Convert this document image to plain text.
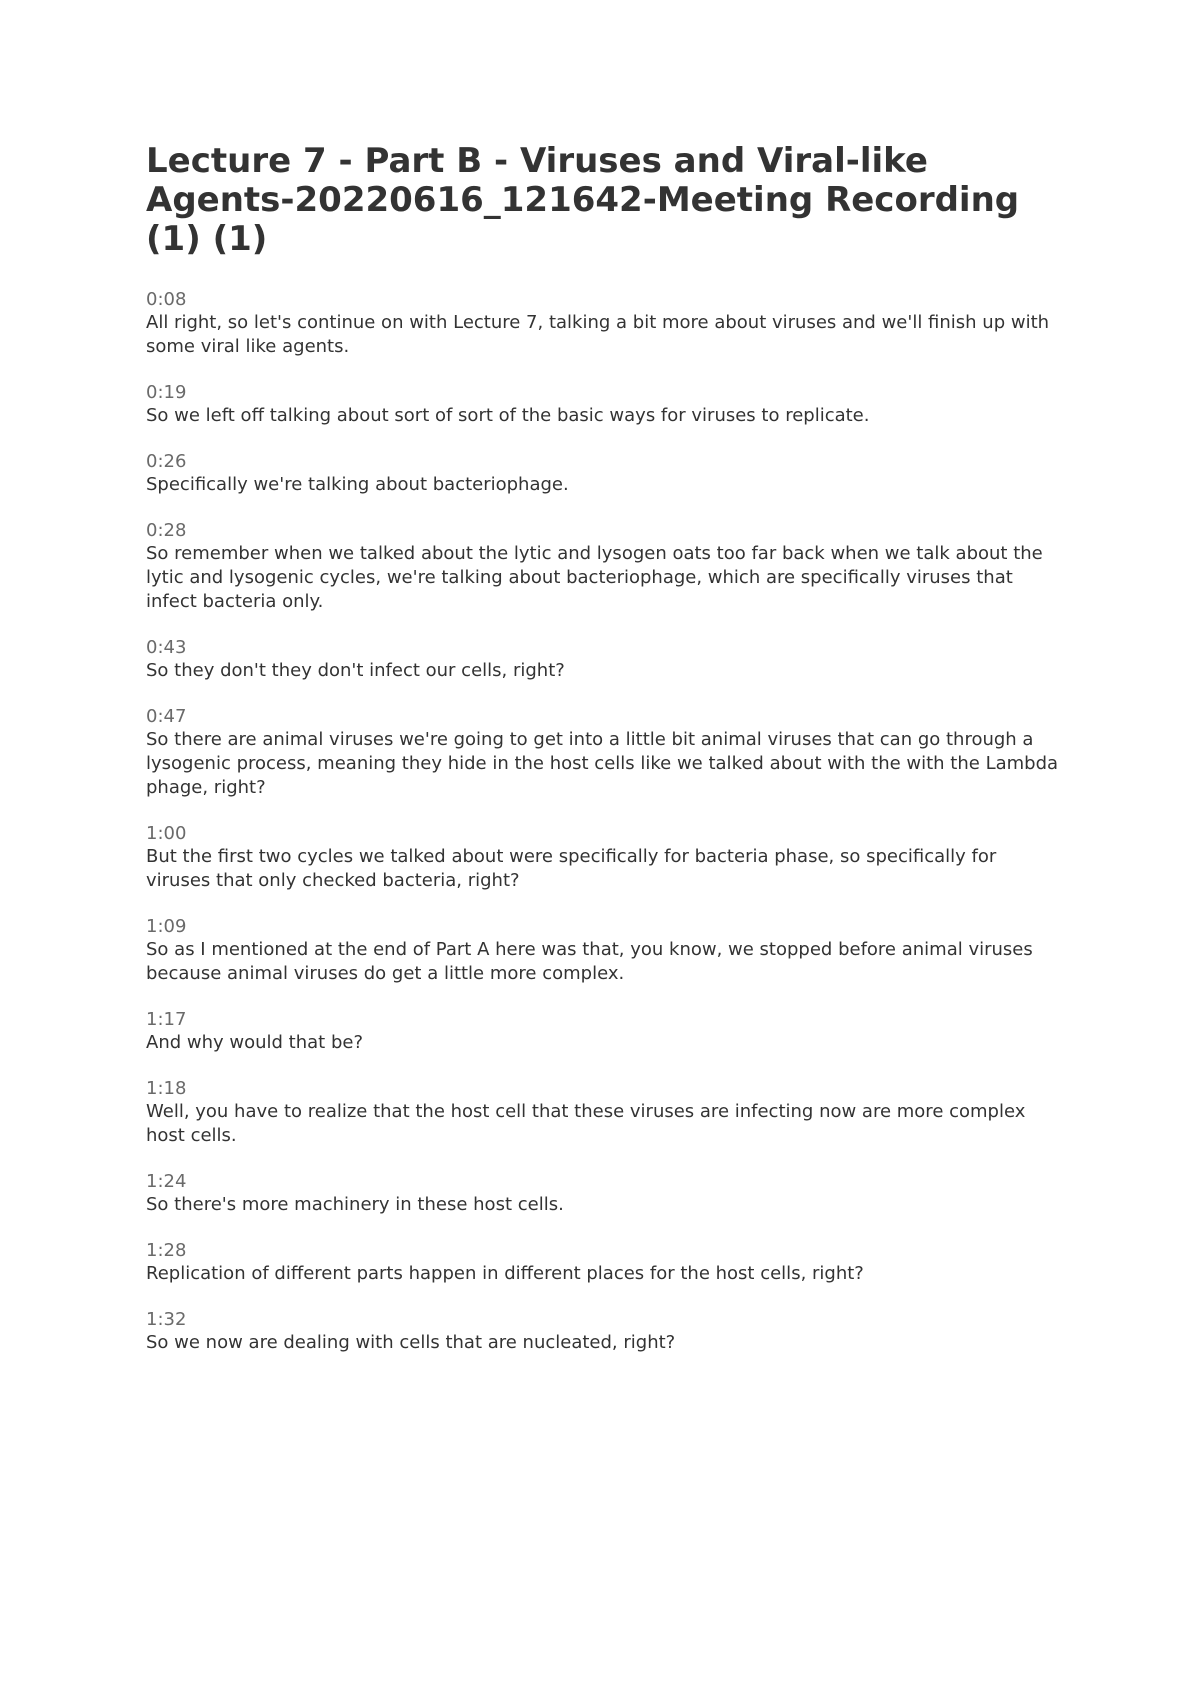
Lecture 7 - Part B - Viruses and Viral-like Agents-20220616_121642-Meeting Recording (1) (1)
0:08
All right, so let's continue on with Lecture 7, talking a bit more about viruses and we'll finish up with some viral like agents.
0:19
So we left off talking about sort of sort of the basic ways for viruses to replicate.
0:26
Specifically we're talking about bacteriophage.
0:28
So remember when we talked about the lytic and lysogen oats too far back when we talk about the lytic and lysogenic cycles, we're talking about bacteriophage, which are specifically viruses that infect bacteria only.
0:43
So they don't they don't infect our cells, right?
0:47
So there are animal viruses we're going to get into a little bit animal viruses that can go through a lysogenic process, meaning they hide in the host cells like we talked about with the with the Lambda phage, right?
1:00
But the first two cycles we talked about were specifically for bacteria phase, so specifically for viruses that only checked bacteria, right?
1:09
So as I mentioned at the end of Part A here was that, you know, we stopped before animal viruses because animal viruses do get a little more complex.
1:17
And why would that be?
1:18
Well, you have to realize that the host cell that these viruses are infecting now are more complex host cells.
1:24
So there's more machinery in these host cells.
1:28
Replication of different parts happen in different places for the host cells, right?
1:32
So we now are dealing with cells that are nucleated, right?
